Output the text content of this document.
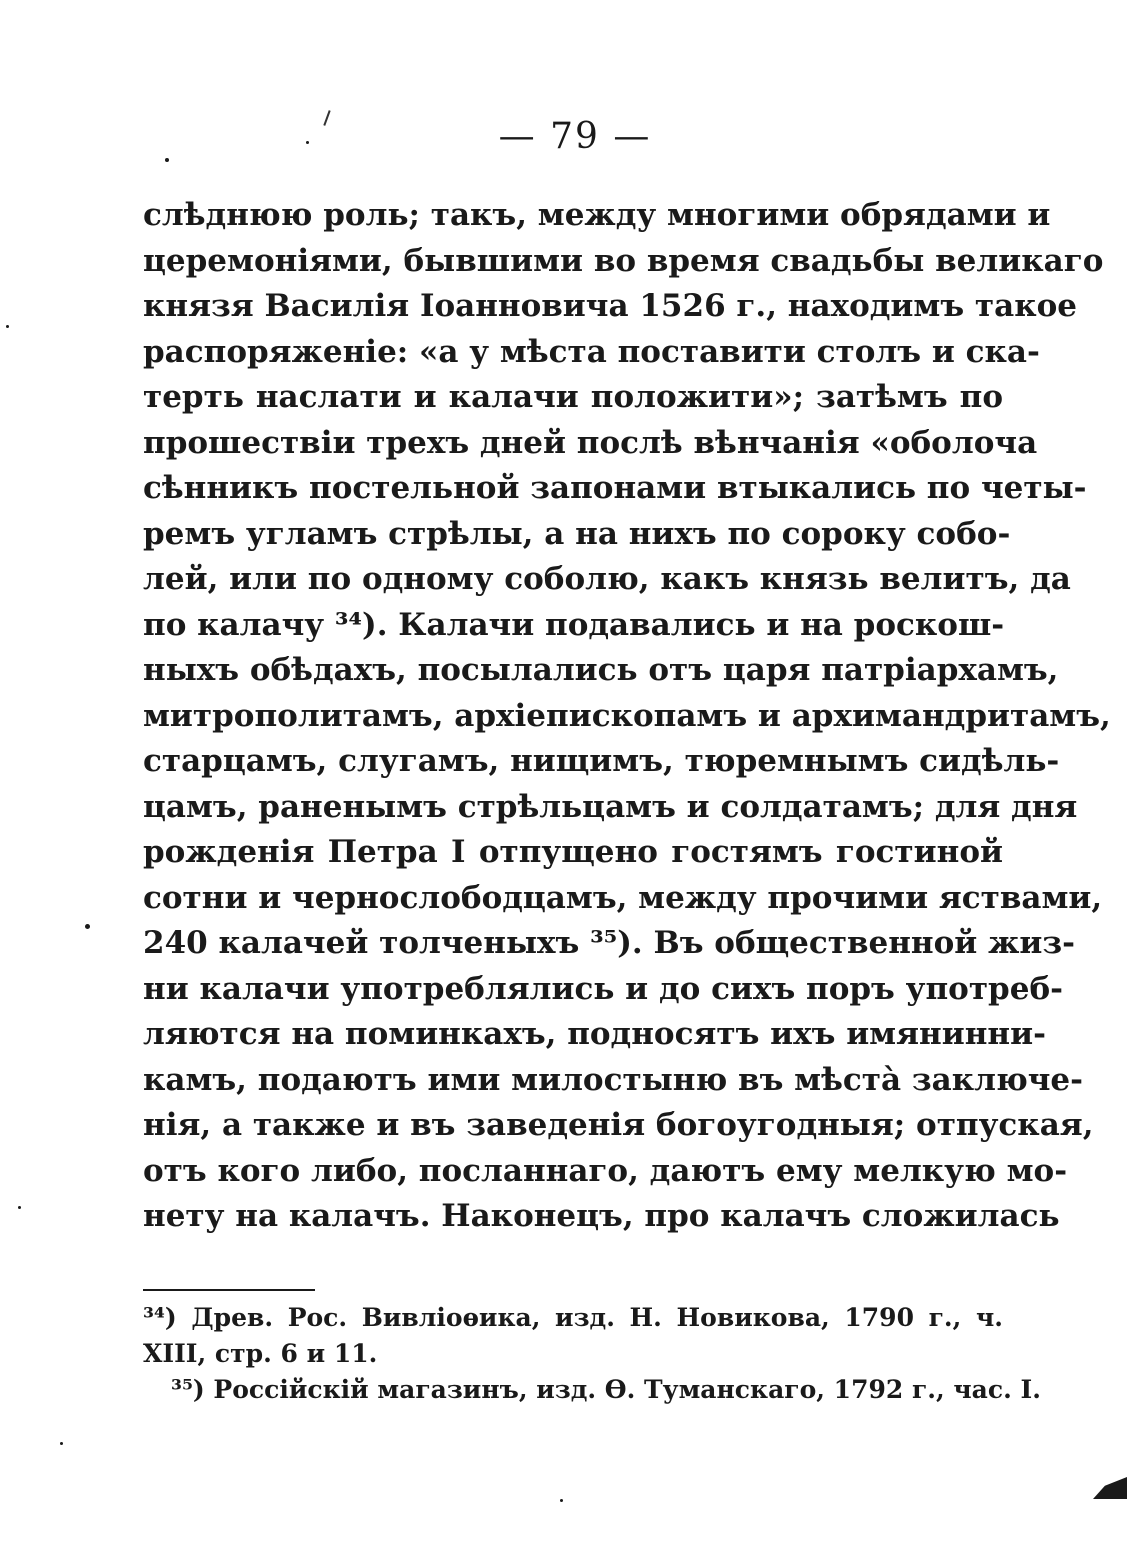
— 79 —
слѣднюю роль; такъ, между многими обрядами и
церемоніями, бывшими во время свадьбы великаго
князя Василія Іоанновича 1526 г., находимъ такое
распоряженіе: «а у мѣста поставити столъ и ска-
терть наслати и калачи положити»; затѣмъ по
прошествіи трехъ дней послѣ вѣнчанія «оболоча
сѣнникъ постельной запонами втыкались по четы-
ремъ угламъ стрѣлы, а на нихъ по сороку собо-
лей, или по одному соболю, какъ князь велитъ, да
по калачу ³⁴). Калачи подавались и на роскош-
ныхъ обѣдахъ, посылались отъ царя патріархамъ,
митрополитамъ, архіепископамъ и архимандритамъ,
старцамъ, слугамъ, нищимъ, тюремнымъ сидѣль-
цамъ, раненымъ стрѣльцамъ и солдатамъ; для дня
рожденія Петра I отпущено гостямъ гостиной
сотни и чернослободцамъ, между прочими яствами,
240 калачей толченыхъ ³⁵). Въ общественной жиз-
ни калачи употреблялись и до сихъ поръ употреб-
ляются на поминкахъ, подносятъ ихъ имянинни-
камъ, подаютъ ими милостыню въ мѣстà заключе-
нія, а также и въ заведенія богоугодныя; отпуская,
отъ кого либо, посланнаго, даютъ ему мелкую мо-
нету на калачъ. Наконецъ, про калачъ сложилась
³⁴) Древ. Рос. Вивліоѳика, изд. Н. Новикова, 1790 г., ч.
XIII, стр. 6 и 11.
³⁵) Россійскій магазинъ, изд. Ѳ. Туманскаго, 1792 г., час. I.
